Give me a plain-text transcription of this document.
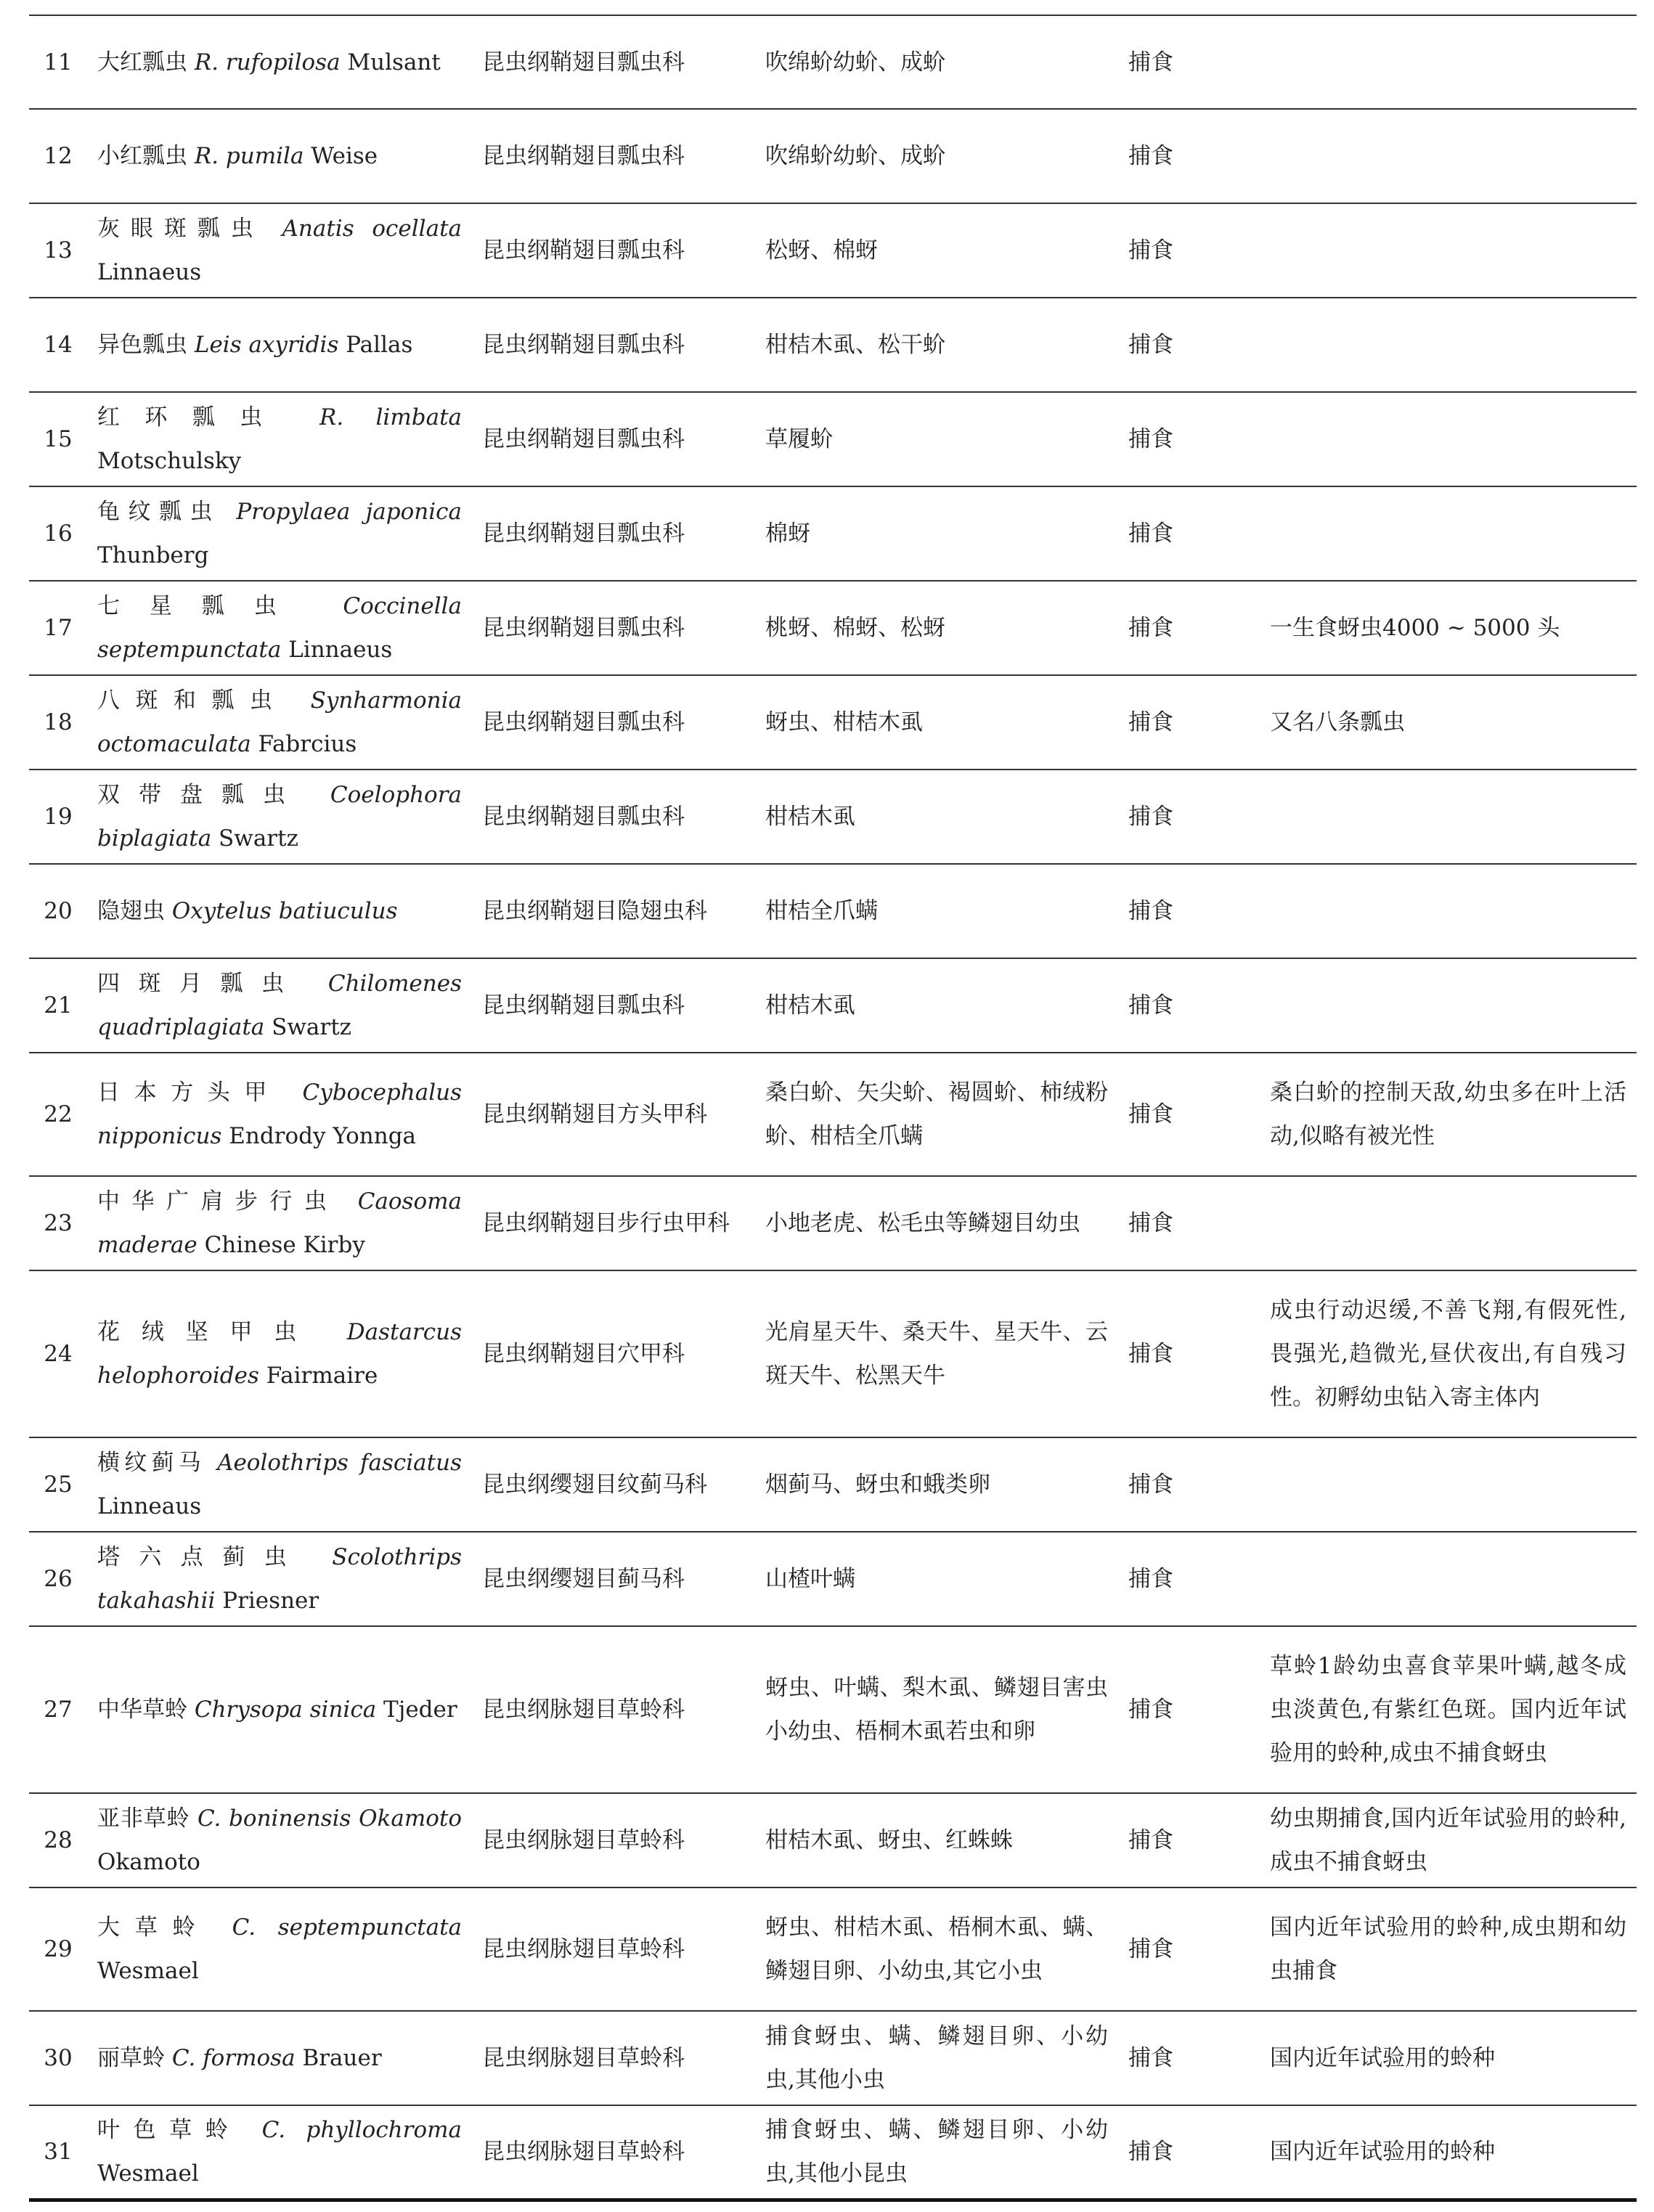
11	大红瓢虫 R. rufopilosa Mulsant	昆虫纲鞘翅目瓢虫科	吹绵蚧幼蚧、成蚧	捕食	
12	小红瓢虫 R. pumila Weise	昆虫纲鞘翅目瓢虫科	吹绵蚧幼蚧、成蚧	捕食	
13	灰眼斑瓢虫 Anatis ocellata Linnaeus	昆虫纲鞘翅目瓢虫科	松蚜、棉蚜	捕食	
14	异色瓢虫 Leis axyridis Pallas	昆虫纲鞘翅目瓢虫科	柑桔木虱、松干蚧	捕食	
15	红环瓢虫 R. limbata Motschulsky	昆虫纲鞘翅目瓢虫科	草履蚧	捕食	
16	龟纹瓢虫 Propylaea japonica Thunberg	昆虫纲鞘翅目瓢虫科	棉蚜	捕食	
17	七星瓢虫 Coccinella septempunctata Linnaeus	昆虫纲鞘翅目瓢虫科	桃蚜、棉蚜、松蚜	捕食	一生食蚜虫4000 ~ 5000 头
18	八斑和瓢虫 Synharmonia octomaculata Fabrcius	昆虫纲鞘翅目瓢虫科	蚜虫、柑桔木虱	捕食	又名八条瓢虫
19	双带盘瓢虫 Coelophora biplagiata Swartz	昆虫纲鞘翅目瓢虫科	柑桔木虱	捕食	
20	隐翅虫 Oxytelus batiuculus	昆虫纲鞘翅目隐翅虫科	柑桔全爪螨	捕食	
21	四斑月瓢虫 Chilomenes quadriplagiata Swartz	昆虫纲鞘翅目瓢虫科	柑桔木虱	捕食	
22	日本方头甲 Cybocephalus nipponicus Endrody Yonnga	昆虫纲鞘翅目方头甲科	桑白蚧、矢尖蚧、褐圆蚧、柿绒粉蚧、柑桔全爪螨	捕食	桑白蚧的控制天敌,幼虫多在叶上活动,似略有被光性
23	中华广肩步行虫 Caosoma maderae Chinese Kirby	昆虫纲鞘翅目步行虫甲科	小地老虎、松毛虫等鳞翅目幼虫	捕食	
24	花绒坚甲虫 Dastarcus helophoroides Fairmaire	昆虫纲鞘翅目穴甲科	光肩星天牛、桑天牛、星天牛、云斑天牛、松黑天牛	捕食	成虫行动迟缓,不善飞翔,有假死性,畏强光,趋微光,昼伏夜出,有自残习性。初孵幼虫钻入寄主体内
25	横纹蓟马 Aeolothrips fasciatus Linneaus	昆虫纲缨翅目纹蓟马科	烟蓟马、蚜虫和蛾类卵	捕食	
26	塔六点蓟虫 Scolothrips takahashii Priesner	昆虫纲缨翅目蓟马科	山楂叶螨	捕食	
27	中华草蛉 Chrysopa sinica Tjeder	昆虫纲脉翅目草蛉科	蚜虫、叶螨、梨木虱、鳞翅目害虫小幼虫、梧桐木虱若虫和卵	捕食	草蛉1龄幼虫喜食苹果叶螨,越冬成虫淡黄色,有紫红色斑。国内近年试验用的蛉种,成虫不捕食蚜虫
28	亚非草蛉 C. boninensis Okamoto Okamoto	昆虫纲脉翅目草蛉科	柑桔木虱、蚜虫、红蛛蛛	捕食	幼虫期捕食,国内近年试验用的蛉种,成虫不捕食蚜虫
29	大草蛉 C. septempunctata Wesmael	昆虫纲脉翅目草蛉科	蚜虫、柑桔木虱、梧桐木虱、螨、鳞翅目卵、小幼虫,其它小虫	捕食	国内近年试验用的蛉种,成虫期和幼虫捕食
30	丽草蛉 C. formosa Brauer	昆虫纲脉翅目草蛉科	捕食蚜虫、螨、鳞翅目卵、小幼虫,其他小虫	捕食	国内近年试验用的蛉种
31	叶色草蛉 C. phyllochroma Wesmael	昆虫纲脉翅目草蛉科	捕食蚜虫、螨、鳞翅目卵、小幼虫,其他小昆虫	捕食	国内近年试验用的蛉种
